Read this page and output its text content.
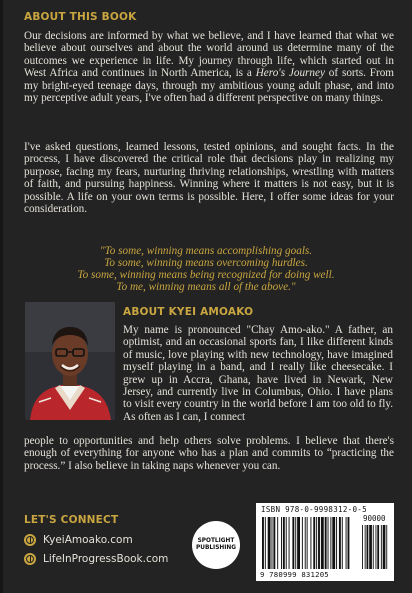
ABOUT THIS BOOK
Our decisions are informed by what we believe, and I have learned that what we believe about ourselves and about the world around us determine many of the outcomes we experience in life. My journey through life, which started out in West Africa and continues in North America, is a Hero's Journey of sorts. From my bright-eyed teenage days, through my ambitious young adult phase, and into my perceptive adult years, I've often had a different perspective on many things.
I've asked questions, learned lessons, tested opinions, and sought facts. In the process, I have discovered the critical role that decisions play in realizing my purpose, facing my fears, nurturing thriving relationships, wrestling with matters of faith, and pursuing happiness. Winning where it matters is not easy, but it is possible. A life on your own terms is possible. Here, I offer some ideas for your consideration.
"To some, winning means accomplishing goals.
To some, winning means overcoming hurdles.
To some, winning means being recognized for doing well.
To me, winning means all of the above."
ABOUT KYEI AMOAKO
My name is pronounced "Chay Amo-ako." A father, an optimist, and an occasional sports fan, I like different kinds of music, love playing with new technology, have imagined myself playing in a band, and I really like cheesecake. I grew up in Accra, Ghana, have lived in Newark, New Jersey, and currently live in Columbus, Ohio. I have plans to visit every country in the world before I am too old to fly. As often as I can, I connect
people to opportunities and help others solve problems. I believe that there's enough of everything for anyone who has a plan and commits to “practicing the process.” I also believe in taking naps whenever you can.
LET'S CONNECT
KyeiAmoako.com
LifeInProgressBook.com
SPOTLIGHT
PUBLISHING
ISBN 978-0-9998312-0-5
90000
9 780999 831205
